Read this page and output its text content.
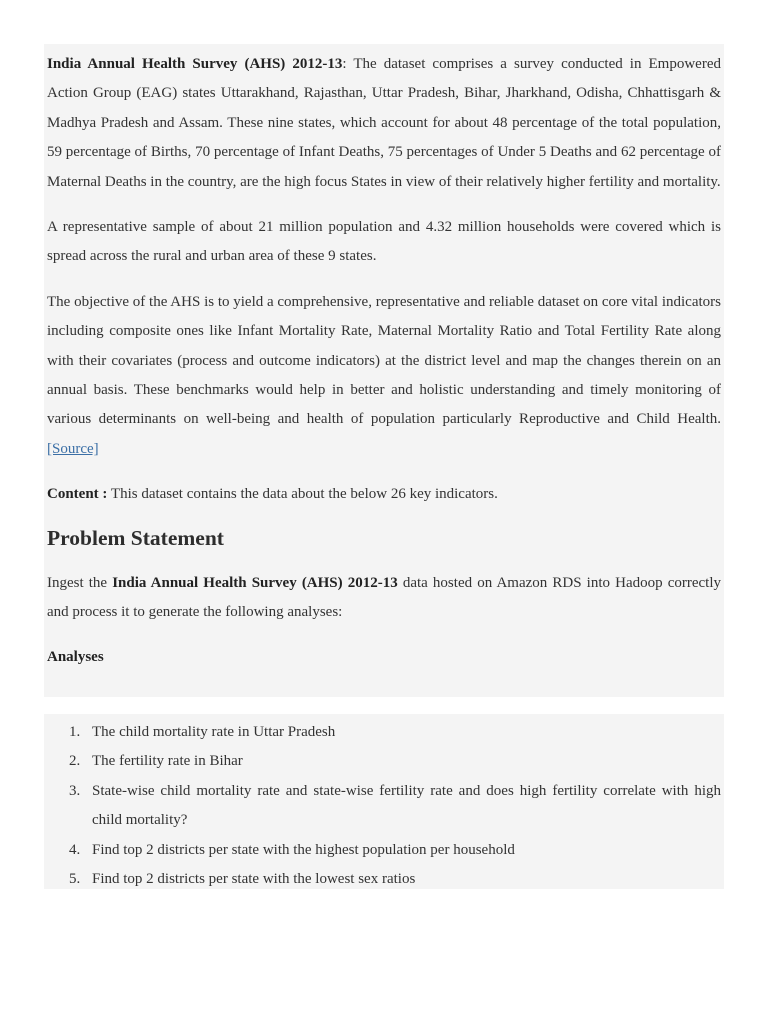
India Annual Health Survey (AHS) 2012-13: The dataset comprises a survey conducted in Empowered Action Group (EAG) states Uttarakhand, Rajasthan, Uttar Pradesh, Bihar, Jharkhand, Odisha, Chhattisgarh & Madhya Pradesh and Assam. These nine states, which account for about 48 percentage of the total population, 59 percentage of Births, 70 percentage of Infant Deaths, 75 percentages of Under 5 Deaths and 62 percentage of Maternal Deaths in the country, are the high focus States in view of their relatively higher fertility and mortality.

A representative sample of about 21 million population and 4.32 million households were covered which is spread across the rural and urban area of these 9 states.

The objective of the AHS is to yield a comprehensive, representative and reliable dataset on core vital indicators including composite ones like Infant Mortality Rate, Maternal Mortality Ratio and Total Fertility Rate along with their covariates (process and outcome indicators) at the district level and map the changes therein on an annual basis. These benchmarks would help in better and holistic understanding and timely monitoring of various determinants on well-being and health of population particularly Reproductive and Child Health. [Source]

Content : This dataset contains the data about the below 26 key indicators.

Problem Statement

Ingest the India Annual Health Survey (AHS) 2012-13 data hosted on Amazon RDS into Hadoop correctly and process it to generate the following analyses:

Analyses
1. The child mortality rate in Uttar Pradesh
2. The fertility rate in Bihar
3. State-wise child mortality rate and state-wise fertility rate and does high fertility correlate with high child mortality?
4. Find top 2 districts per state with the highest population per household
5. Find top 2 districts per state with the lowest sex ratios
